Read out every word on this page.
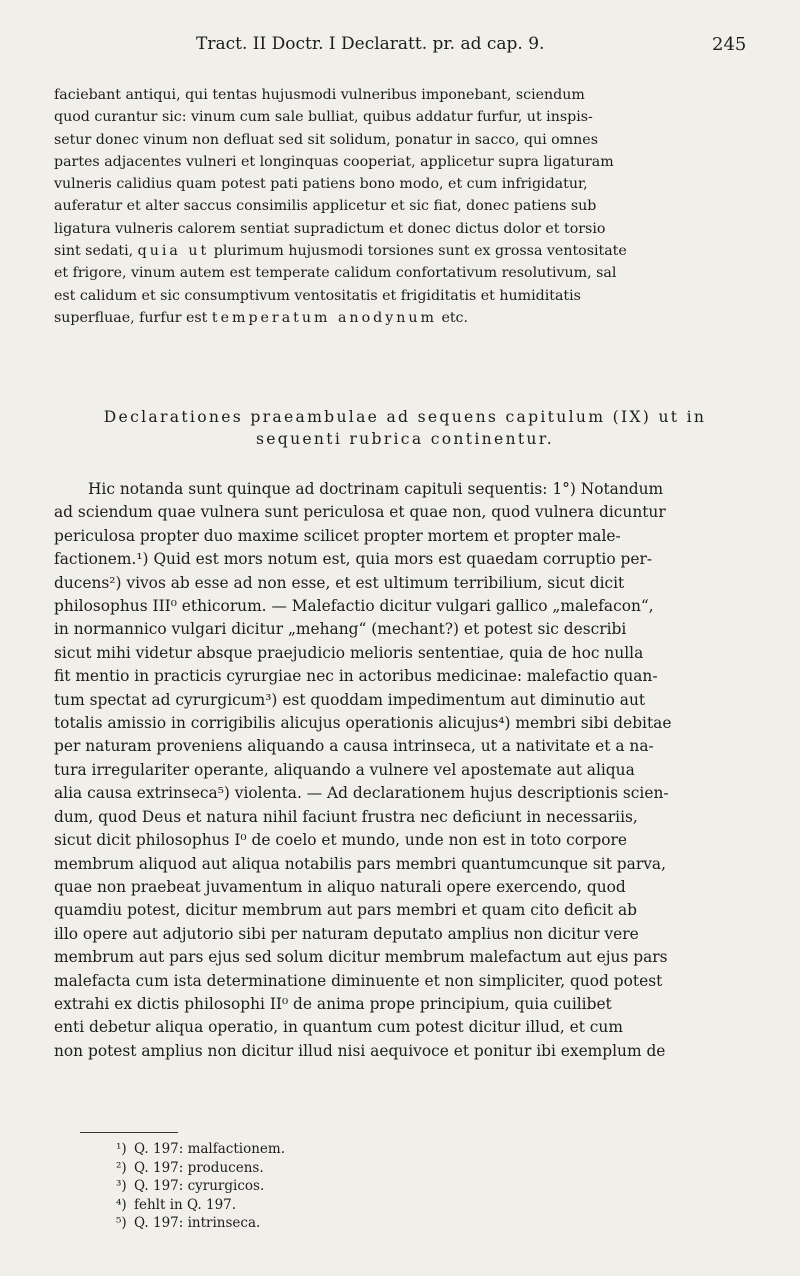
Tract. II Doctr. I Declaratt. pr. ad cap. 9.	245
faciebant antiqui, qui tentas hujusmodi vulneribus imponebant, sciendum
quod curantur sic: vinum cum sale bulliat, quibus addatur furfur, ut inspis-
setur donec vinum non defluat sed sit solidum, ponatur in sacco, qui omnes
partes adjacentes vulneri et longinquas cooperiat, applicetur supra ligaturam
vulneris calidius quam potest pati patiens bono modo, et cum infrigidatur,
auferatur et alter saccus consimilis applicetur et sic fiat, donec patiens sub
ligatura vulneris calorem sentiat supradictum et donec dictus dolor et torsio
sint sedati, quia ut plurimum hujusmodi torsiones sunt ex grossa ventositate
et frigore, vinum autem est temperate calidum confortativum resolutivum, sal
est calidum et sic consumptivum ventositatis et frigiditatis et humiditatis
superfluae, furfur est temperatum anodynum etc.
Declarationes praeambulae ad sequens capitulum (IX) ut in
sequenti rubrica continentur.
Hic notanda sunt quinque ad doctrinam capituli sequentis: 1°) Notandum
ad sciendum quae vulnera sunt periculosa et quae non, quod vulnera dicuntur
periculosa propter duo maxime scilicet propter mortem et propter male-
factionem.¹) Quid est mors notum est, quia mors est quaedam corruptio per-
ducens²) vivos ab esse ad non esse, et est ultimum terribilium, sicut dicit
philosophus III⁰ ethicorum. — Malefactio dicitur vulgari gallico „malefacon“,
in normannico vulgari dicitur „mehang“ (mechant?) et potest sic describi
sicut mihi videtur absque praejudicio melioris sententiae, quia de hoc nulla
fit mentio in practicis cyrurgiae nec in actoribus medicinae: malefactio quan-
tum spectat ad cyrurgicum³) est quoddam impedimentum aut diminutio aut
totalis amissio in corrigibilis alicujus operationis alicujus⁴) membri sibi debitae
per naturam proveniens aliquando a causa intrinseca, ut a nativitate et a na-
tura irregulariter operante, aliquando a vulnere vel apostemate aut aliqua
alia causa extrinseca⁵) violenta. — Ad declarationem hujus descriptionis scien-
dum, quod Deus et natura nihil faciunt frustra nec deficiunt in necessariis,
sicut dicit philosophus I⁰ de coelo et mundo, unde non est in toto corpore
membrum aliquod aut aliqua notabilis pars membri quantumcunque sit parva,
quae non praebeat juvamentum in aliquo naturali opere exercendo, quod
quamdiu potest, dicitur membrum aut pars membri et quam cito deficit ab
illo opere aut adjutorio sibi per naturam deputato amplius non dicitur vere
membrum aut pars ejus sed solum dicitur membrum malefactum aut ejus pars
malefacta cum ista determinatione diminuente et non simpliciter, quod potest
extrahi ex dictis philosophi II⁰ de anima prope principium, quia cuilibet
enti debetur aliqua operatio, in quantum cum potest dicitur illud, et cum
non potest amplius non dicitur illud nisi aequivoce et ponitur ibi exemplum de
¹) Q. 197: malfactionem.
²) Q. 197: producens.
³) Q. 197: cyrurgicos.
⁴) fehlt in Q. 197.
⁵) Q. 197: intrinseca.
